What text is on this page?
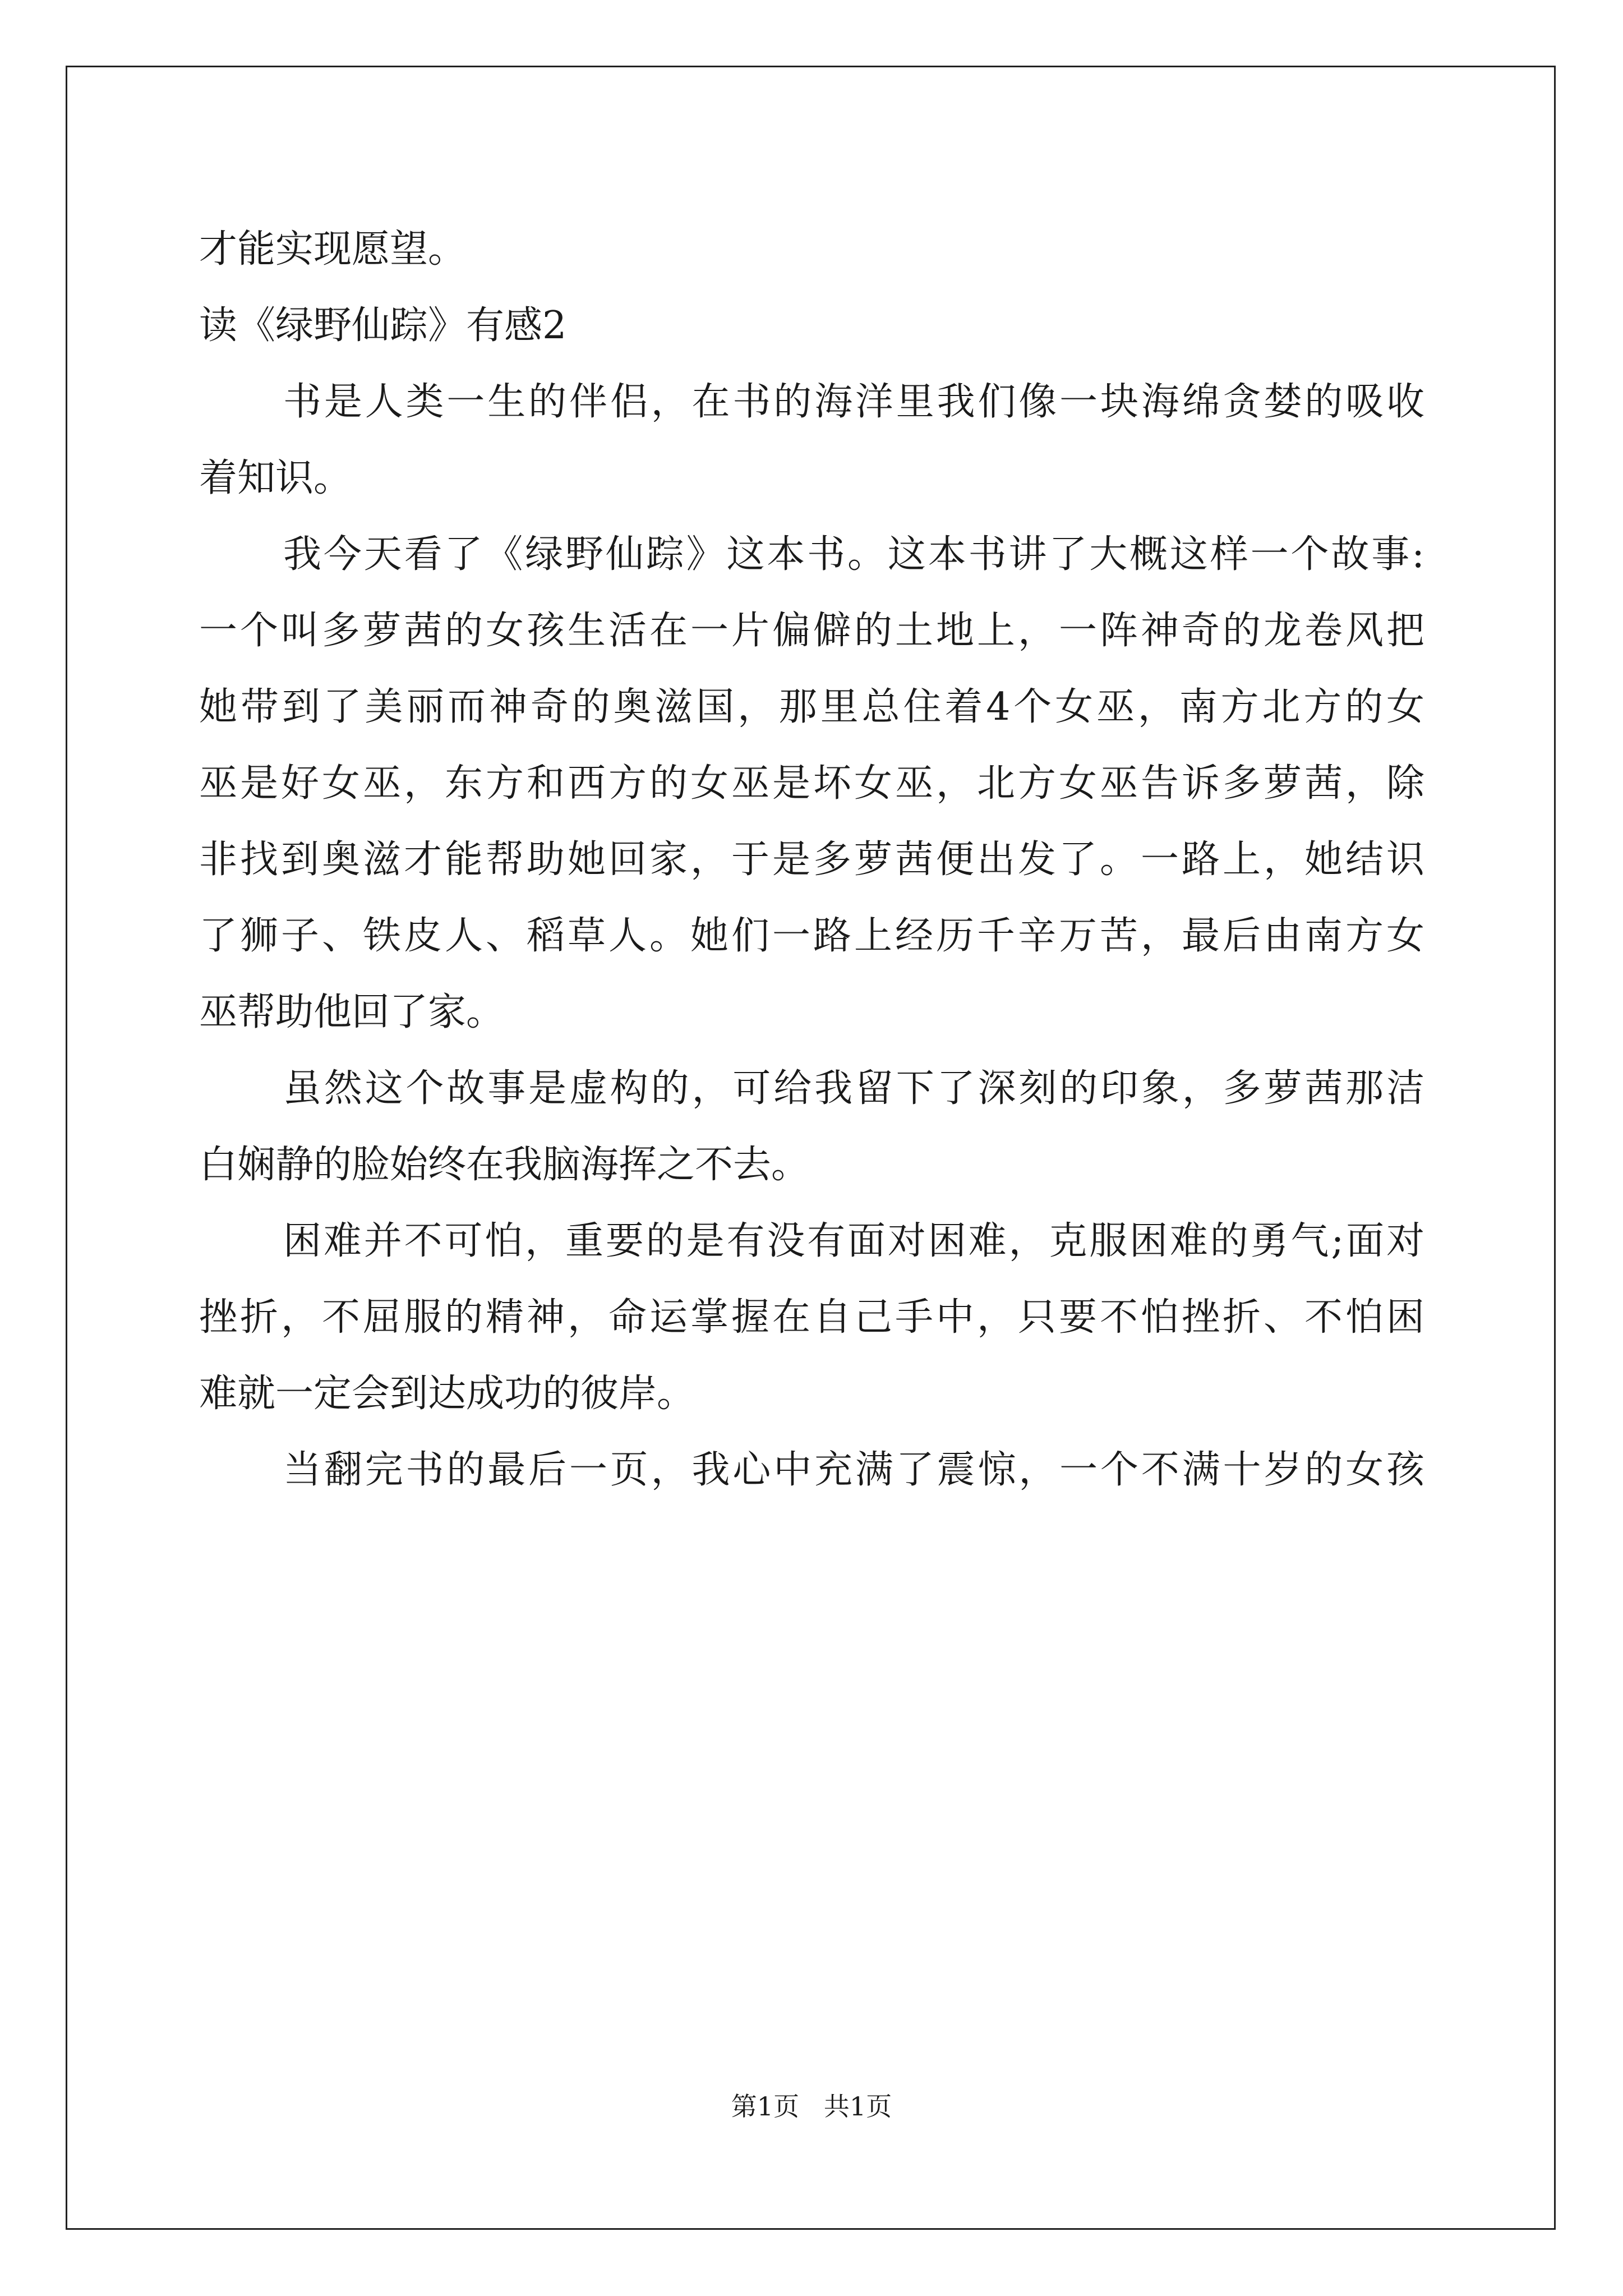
才能实现愿望。
读《绿野仙踪》有感2
书是人类一生的伴侣，在书的海洋里我们像一块海绵贪婪的吸收
着知识。
我今天看了《绿野仙踪》这本书。这本书讲了大概这样一个故事:
一个叫多萝茜的女孩生活在一片偏僻的土地上，一阵神奇的龙卷风把
她带到了美丽而神奇的奥滋国，那里总住着4个女巫，南方北方的女
巫是好女巫，东方和西方的女巫是坏女巫，北方女巫告诉多萝茜，除
非找到奥滋才能帮助她回家，于是多萝茜便出发了。一路上，她结识
了狮子、铁皮人、稻草人。她们一路上经历千辛万苦，最后由南方女
巫帮助他回了家。
虽然这个故事是虚构的，可给我留下了深刻的印象，多萝茜那洁
白娴静的脸始终在我脑海挥之不去。
困难并不可怕，重要的是有没有面对困难，克服困难的勇气;面对
挫折，不屈服的精神，命运掌握在自己手中，只要不怕挫折、不怕困
难就一定会到达成功的彼岸。
当翻完书的最后一页，我心中充满了震惊，一个不满十岁的女孩
第1页   共1页
